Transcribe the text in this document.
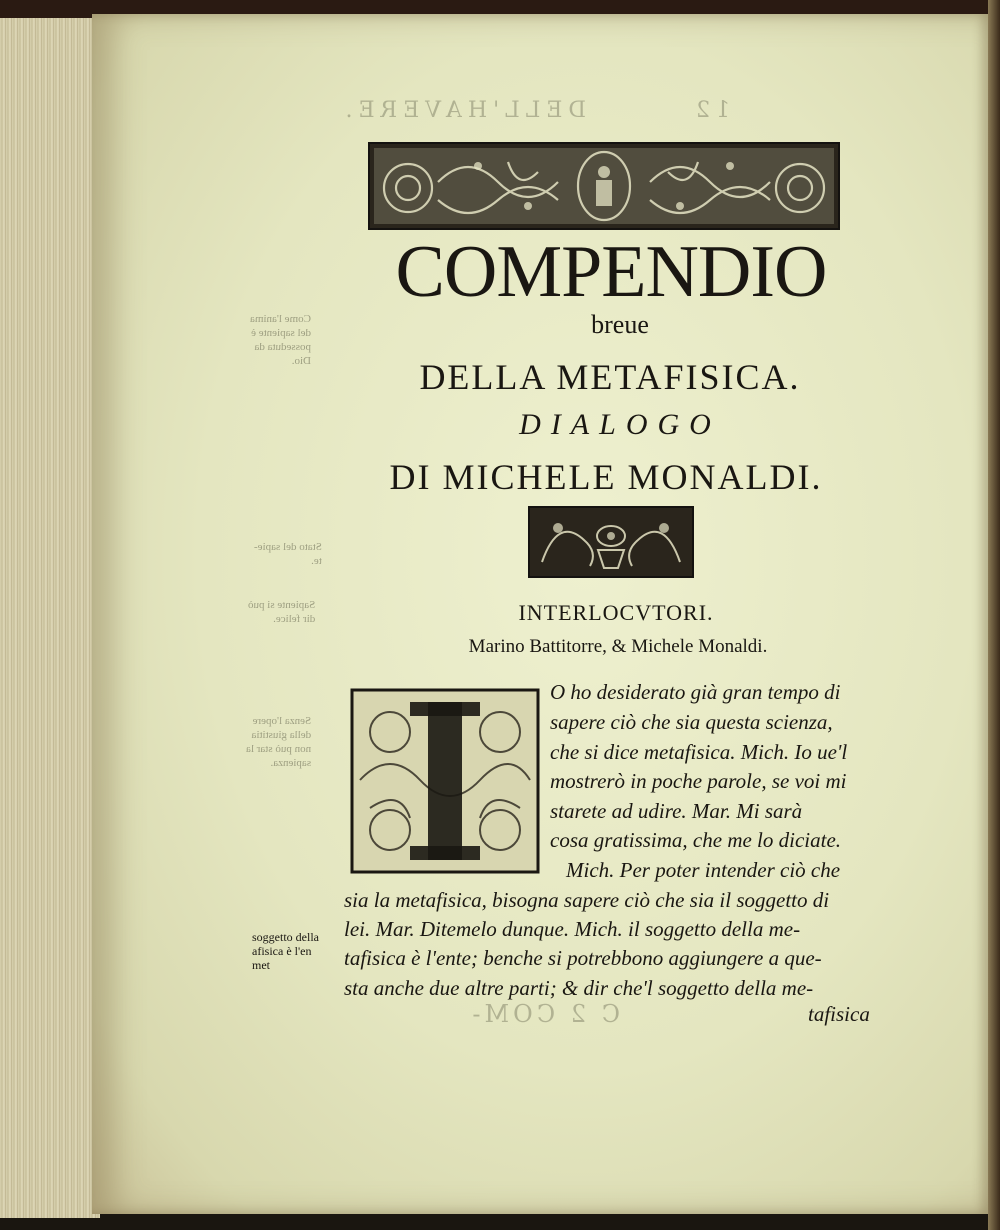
12        DELL'HAVERE.
C 2 COM-
Come l'anima
del sapiente è
posseduta da
Dio.
Stato del sapie-
te.
Sapiente si può
dir felice.
Senza l'opere
della giustitia
non può star la
sapienza.
COMPENDIO
breue
DELLA METAFISICA.
DIALOGO
DI MICHELE MONALDI.
INTERLOCVTORI.
Marino Battitorre, & Michele Monaldi.
O ho desiderato già gran tempo di
sapere ciò che sia questa scienza,
che si dice metafisica. Mich. Io ue'l
mostrerò in poche parole, se voi mi
starete ad udire. Mar. Mi sarà
cosa gratissima, che me lo diciate.
Mich. Per poter intender ciò che
sia la metafisica, bisogna sapere ciò che sia il soggetto di
lei. Mar. Ditemelo dunque. Mich. il soggetto della me-
tafisica è l'ente; benche si potrebbono aggiungere a que-
sta anche due altre parti; & dir che'l soggetto della me-
tafisica
soggetto della
afisica è l'en
met
